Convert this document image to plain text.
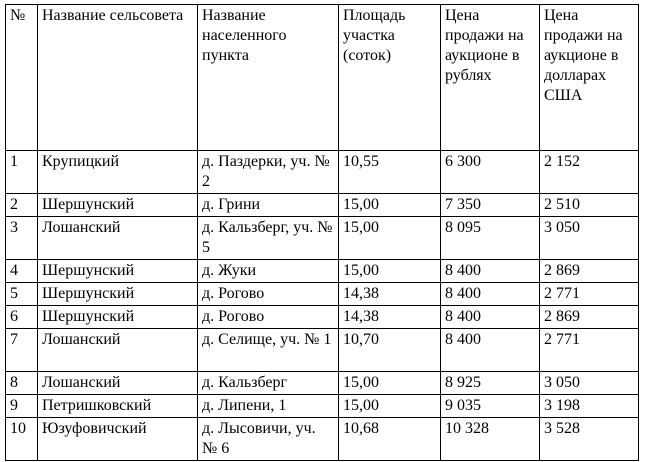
№	Название сельсовета	Название населенного пункта	Площадь участка (соток)	Цена продажи на аукционе в рублях	Цена продажи на аукционе в долларах США
1	Крупицкий	д. Паздерки, уч. № 2	10,55	6 300	2 152
2	Шершунский	д. Грини	15,00	7 350	2 510
3	Лошанский	д. Кальзберг, уч. № 5	15,00	8 095	3 050
4	Шершунский	д. Жуки	15,00	8 400	2 869
5	Шершунский	д. Рогово	14,38	8 400	2 771
6	Шершунский	д. Рогово	14,38	8 400	2 869
7	Лошанский	д. Селище, уч. № 1	10,70	8 400	2 771
8	Лошанский	д. Кальзберг	15,00	8 925	3 050
9	Петришковский	д. Липени, 1	15,00	9 035	3 198
10	Юзуфовичский	д. Лысовичи, уч. № 6	10,68	10 328	3 528
